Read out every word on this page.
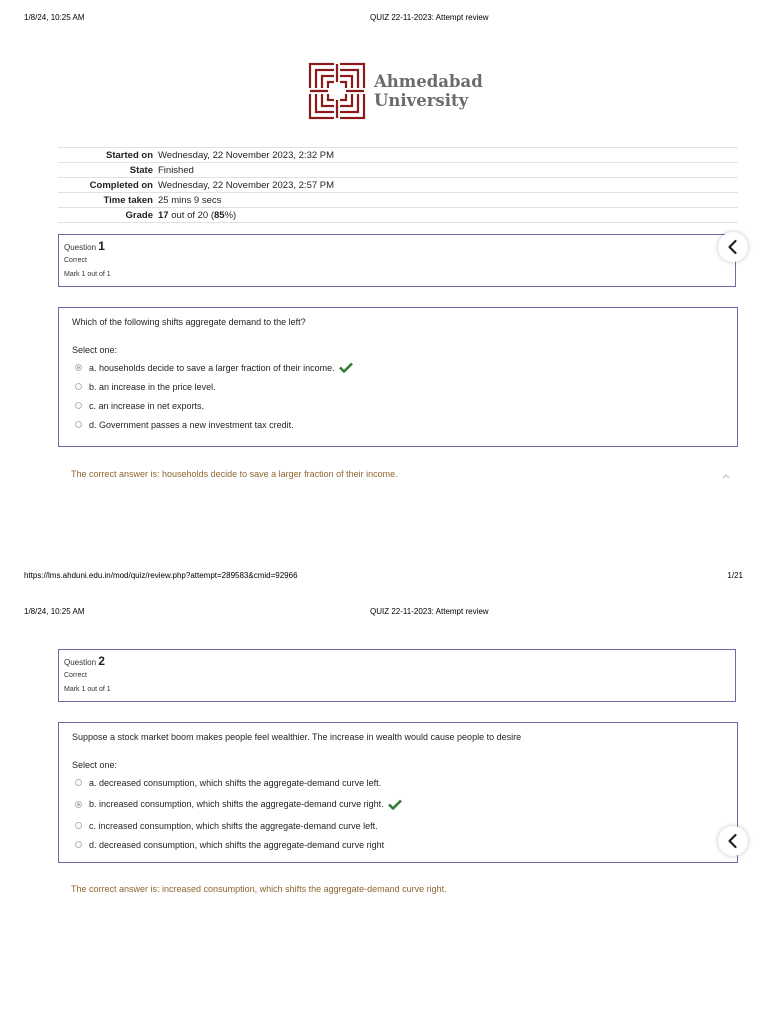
1/8/24, 10:25 AM	QUIZ 22-11-2023: Attempt review
Ahmedabad
University
Started on	Wednesday, 22 November 2023, 2:32 PM
State	Finished
Completed on	Wednesday, 22 November 2023, 2:57 PM
Time taken	25 mins 9 secs
Grade	17 out of 20 (85%)
Question 1
Correct
Mark 1 out of 1
Which of the following shifts aggregate demand to the left?
Select one:
a. households decide to save a larger fraction of their income.
b. an increase in the price level.
c. an increase in net exports.
d. Government passes a new investment tax credit.
The correct answer is: households decide to save a larger fraction of their income.
https://lms.ahduni.edu.in/mod/quiz/review.php?attempt=289583&cmid=92966	1/21
1/8/24, 10:25 AM	QUIZ 22-11-2023: Attempt review
Question 2
Correct
Mark 1 out of 1
Suppose a stock market boom makes people feel wealthier. The increase in wealth would cause people to desire
Select one:
a. decreased consumption, which shifts the aggregate-demand curve left.
b. increased consumption, which shifts the aggregate-demand curve right.
c. increased consumption, which shifts the aggregate-demand curve left.
d. decreased consumption, which shifts the aggregate-demand curve right
The correct answer is: increased consumption, which shifts the aggregate-demand curve right.
